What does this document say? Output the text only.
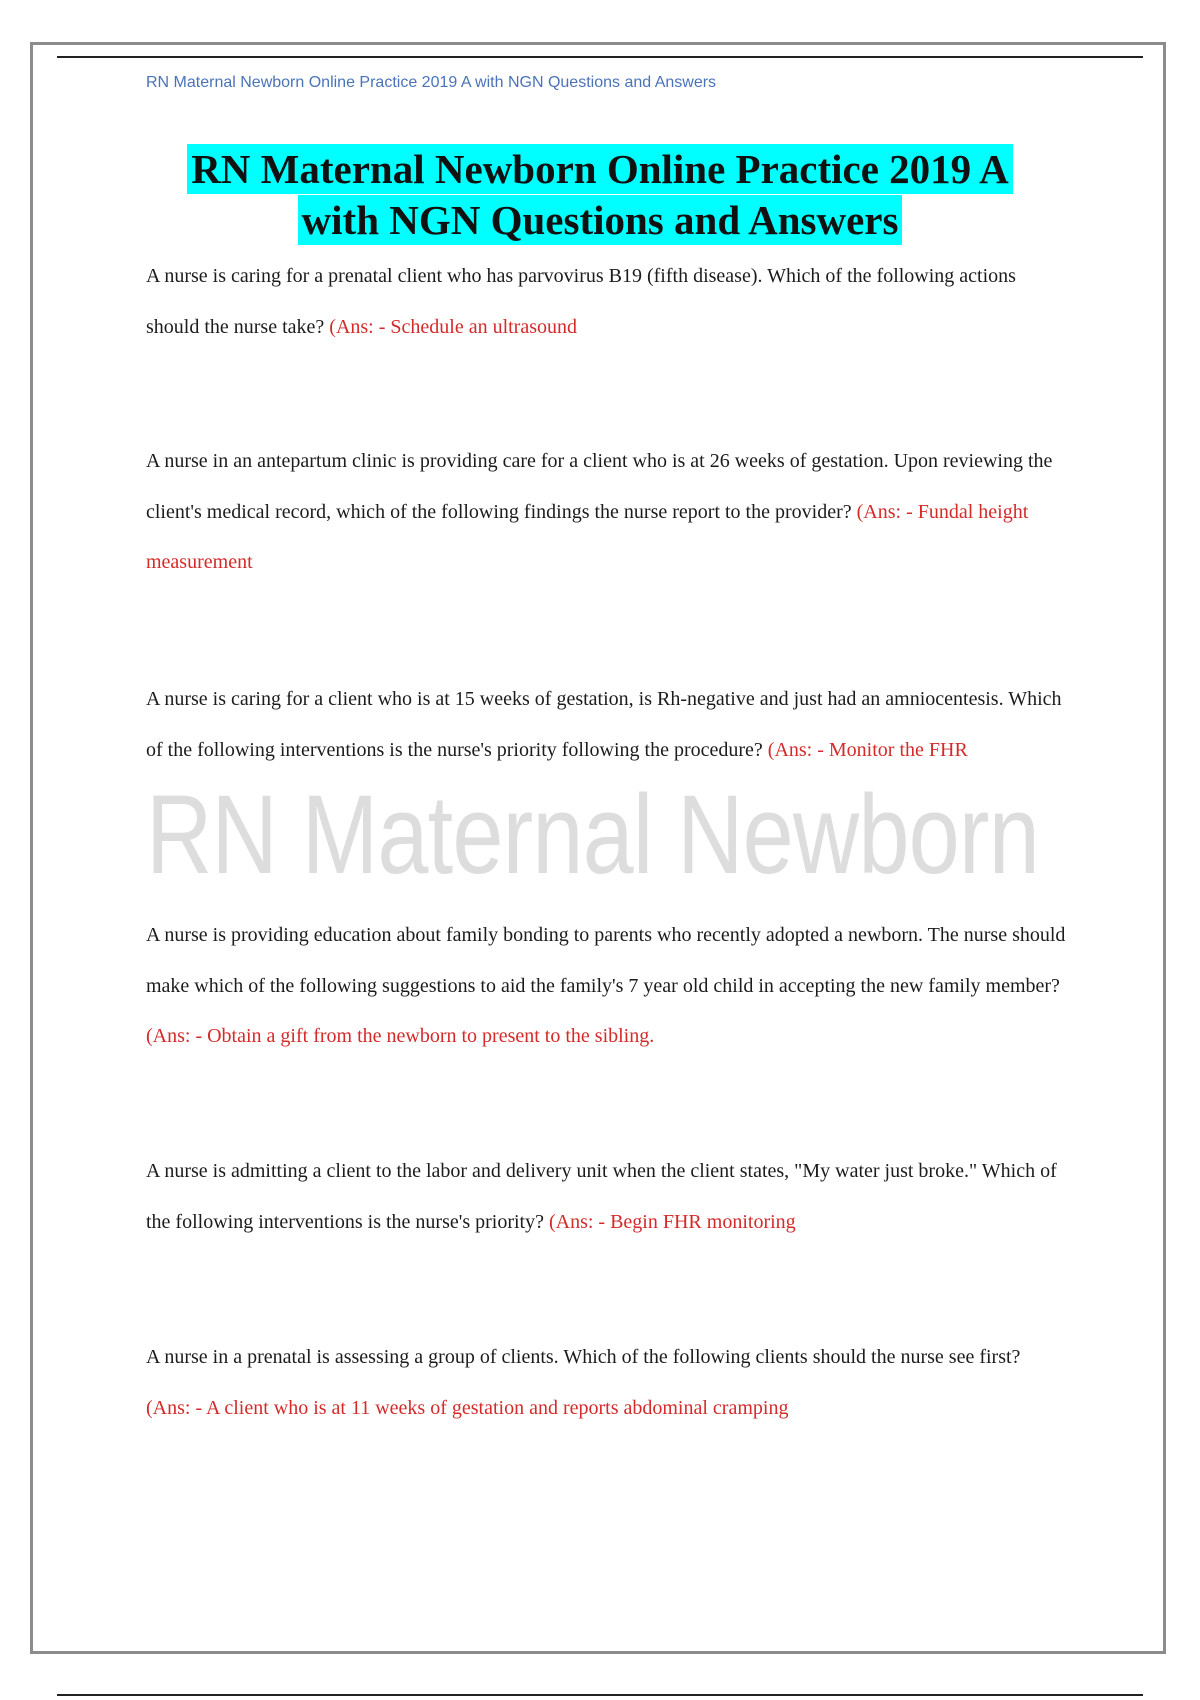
RN Maternal Newborn Online Practice 2019 A with NGN Questions and Answers
RN Maternal Newborn Online Practice 2019 A
with NGN Questions and Answers
RN Maternal Newborn
A nurse is caring for a prenatal client who has parvovirus B19 (fifth disease). Which of the following actions should the nurse take? (Ans: - Schedule an ultrasound
A nurse in an antepartum clinic is providing care for a client who is at 26 weeks of gestation. Upon reviewing the client's medical record, which of the following findings the nurse report to the provider? (Ans: - Fundal height measurement
A nurse is caring for a client who is at 15 weeks of gestation, is Rh-negative and just had an amniocentesis. Which of the following interventions is the nurse's priority following the procedure? (Ans: - Monitor the FHR
A nurse is providing education about family bonding to parents who recently adopted a newborn. The nurse should make which of the following suggestions to aid the family's 7 year old child in accepting the new family member? (Ans: - Obtain a gift from the newborn to present to the sibling.
A nurse is admitting a client to the labor and delivery unit when the client states, "My water just broke." Which of the following interventions is the nurse's priority? (Ans: - Begin FHR monitoring
A nurse in a prenatal is assessing a group of clients. Which of the following clients should the nurse see first? (Ans: - A client who is at 11 weeks of gestation and reports abdominal cramping
